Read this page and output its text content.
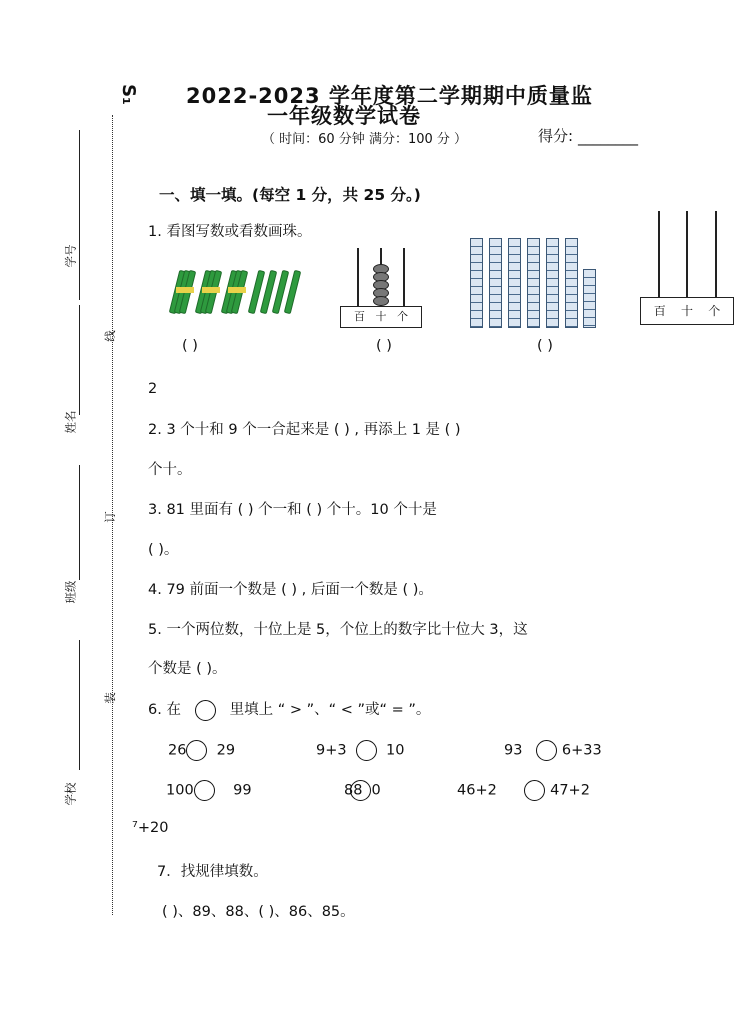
S₁ 2022-2023 学年度第二学期期中质量监
一年级数学试卷
（ 时间：60 分钟 满分：100 分 ）	得分: ________
学号
姓名
班级
学校
线
订
装
一、填一填。(每空 1 分，共 25 分。)
1. 看图写数或看数画珠。
百 十 个	百 十 个
( )	( )	( )
2
2. 3 个十和 9 个一合起来是 ( ) , 再添上 1 是 ( )
个十。
3. 81 里面有 ( ) 个一和 ( ) 个十。10 个十是
( )。
4. 79 前面一个数是 ( ) , 后面一个数是 ( )。
5. 一个两位数，十位上是 5，个位上的数字比十位大 3，这
个数是 ( )。
6. 在	里填上 “ > ”、“ < ”或“ = ”。
26 29	9+3	10	93	6+33
100	99	88 0	46+2	47+2
⁷+20
7．找规律填数。
( )、89、88、( )、86、85。
